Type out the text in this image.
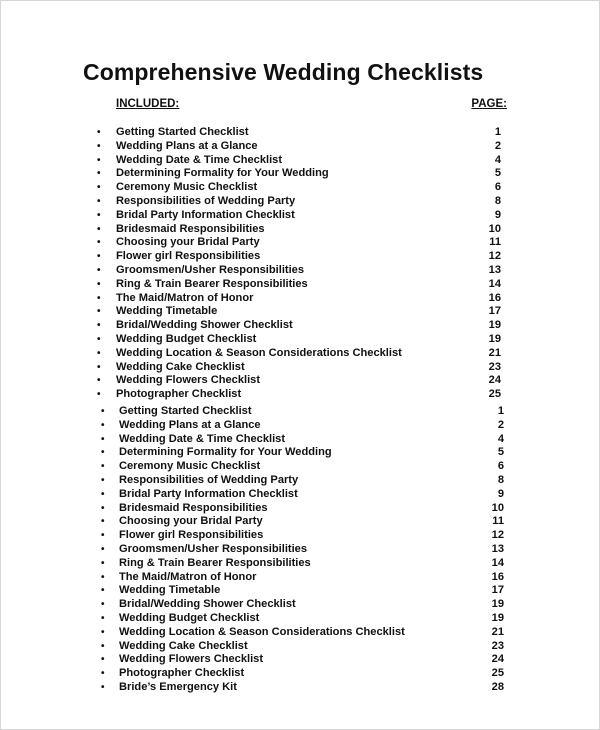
Comprehensive Wedding Checklists
INCLUDED:	PAGE:
• Getting Started Checklist	1
• Wedding Plans at a Glance	2
• Wedding Date & Time Checklist	4
• Determining Formality for Your Wedding	5
• Ceremony Music Checklist	6
• Responsibilities of Wedding Party	8
• Bridal Party Information Checklist	9
• Bridesmaid Responsibilities	10
• Choosing your Bridal Party	11
• Flower girl Responsibilities	12
• Groomsmen/Usher Responsibilities	13
• Ring & Train Bearer Responsibilities	14
• The Maid/Matron of Honor	16
• Wedding Timetable	17
• Bridal/Wedding Shower Checklist	19
• Wedding Budget Checklist	19
• Wedding Location & Season Considerations Checklist	21
• Wedding Cake Checklist	23
• Wedding Flowers Checklist	24
• Photographer Checklist	25
• Getting Started Checklist	1
• Wedding Plans at a Glance	2
• Wedding Date & Time Checklist	4
• Determining Formality for Your Wedding	5
• Ceremony Music Checklist	6
• Responsibilities of Wedding Party	8
• Bridal Party Information Checklist	9
• Bridesmaid Responsibilities	10
• Choosing your Bridal Party	11
• Flower girl Responsibilities	12
• Groomsmen/Usher Responsibilities	13
• Ring & Train Bearer Responsibilities	14
• The Maid/Matron of Honor	16
• Wedding Timetable	17
• Bridal/Wedding Shower Checklist	19
• Wedding Budget Checklist	19
• Wedding Location & Season Considerations Checklist	21
• Wedding Cake Checklist	23
• Wedding Flowers Checklist	24
• Photographer Checklist	25
• Bride’s Emergency Kit	28
